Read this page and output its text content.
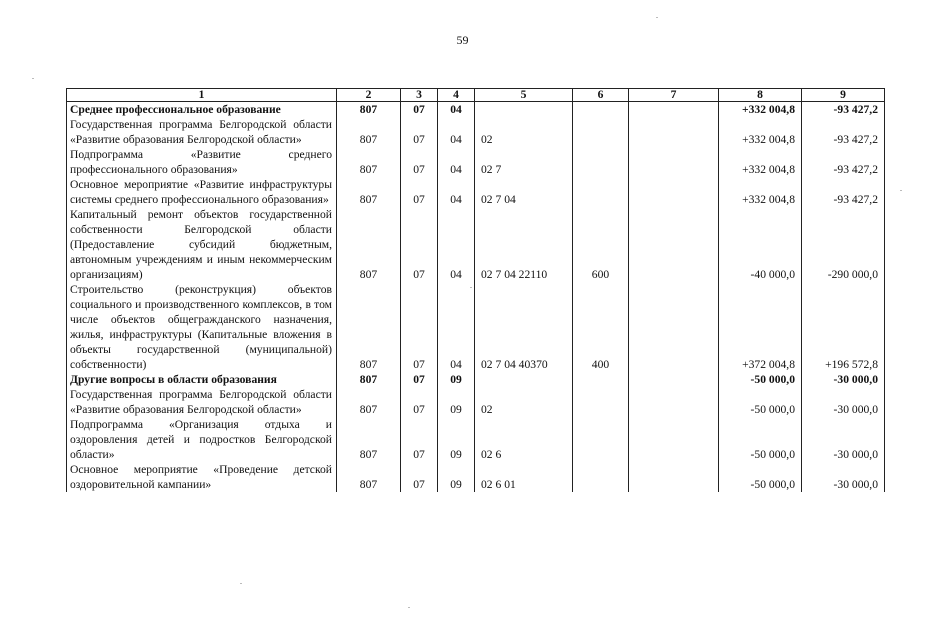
59
1	2	3	4	5	6	7	8	9
Среднее профессиональное образование	807	07	04				+332 004,8	-93 427,2
Государственная программа Белгородской области «Развитие образования Белгородской области»	807	07	04	02			+332 004,8	-93 427,2
Подпрограмма «Развитие среднего профессионального образования»	807	07	04	02 7			+332 004,8	-93 427,2
Основное мероприятие «Развитие инфраструктуры системы среднего профессионального образования»	807	07	04	02 7 04			+332 004,8	-93 427,2
Капитальный ремонт объектов государственной собственности Белгородской области (Предоставление субсидий бюджетным, автономным учреждениям и иным некоммерческим организациям)	807	07	04	02 7 04 22110	600		-40 000,0	-290 000,0
Строительство (реконструкция) объектов социального и производственного комплексов, в том числе объектов общегражданского назначения, жилья, инфраструктуры (Капитальные вложения в объекты государственной (муниципальной) собственности)	807	07	04	02 7 04 40370	400		+372 004,8	+196 572,8
Другие вопросы в области образования	807	07	09				-50 000,0	-30 000,0
Государственная программа Белгородской области «Развитие образования Белгородской области»	807	07	09	02			-50 000,0	-30 000,0
Подпрограмма «Организация отдыха и оздоровления детей и подростков Белгородской области»	807	07	09	02 6			-50 000,0	-30 000,0
Основное мероприятие «Проведение детской оздоровительной кампании»	807	07	09	02 6 01			-50 000,0	-30 000,0
